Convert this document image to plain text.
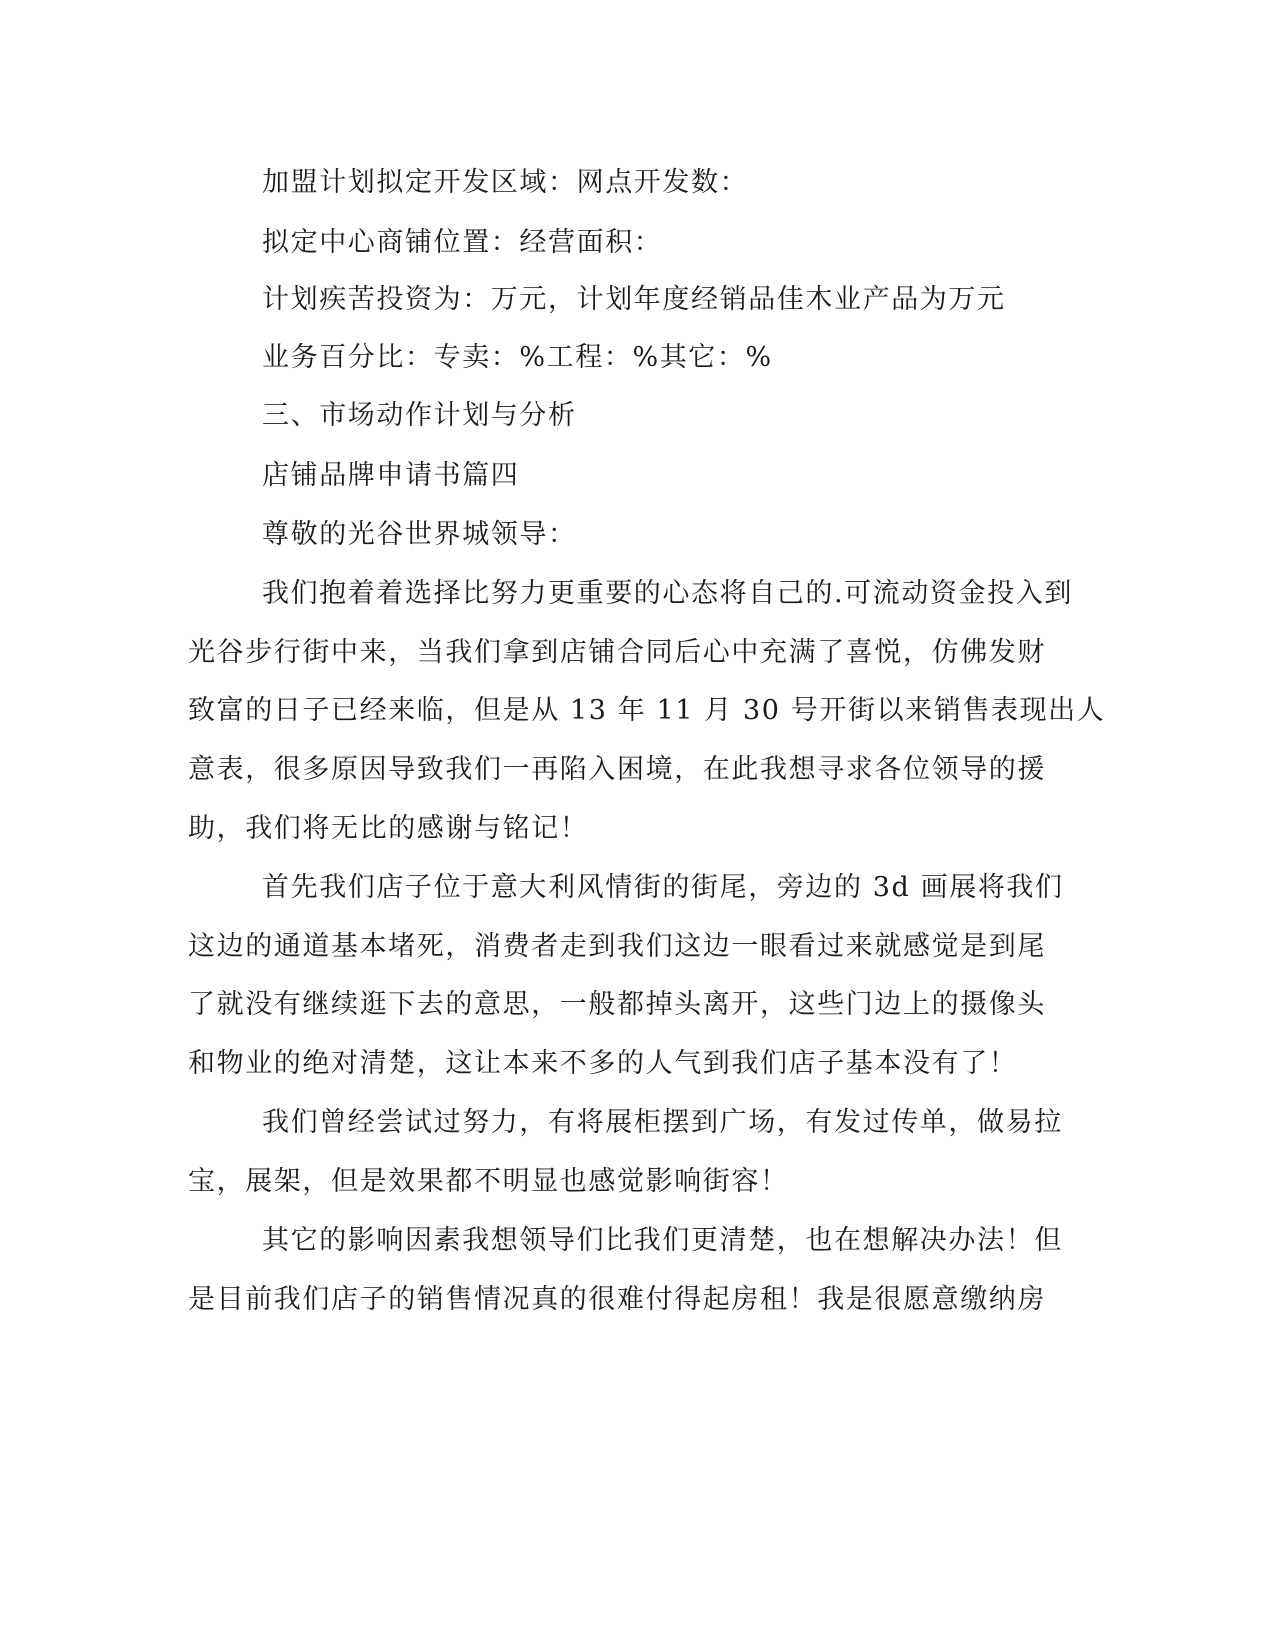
加盟计划拟定开发区域：网点开发数：
拟定中心商铺位置：经营面积：
计划疾苦投资为：万元，计划年度经销品佳木业产品为万元
业务百分比：专卖：%工程：%其它：%
三、市场动作计划与分析
店铺品牌申请书篇四
尊敬的光谷世界城领导：
我们抱着着选择比努力更重要的心态将自己的.可流动资金投入到
光谷步行街中来，当我们拿到店铺合同后心中充满了喜悦，仿佛发财
致富的日子已经来临，但是从 13 年 11 月 30 号开街以来销售表现出人
意表，很多原因导致我们一再陷入困境，在此我想寻求各位领导的援
助，我们将无比的感谢与铭记！
首先我们店子位于意大利风情街的街尾，旁边的 3d 画展将我们
这边的通道基本堵死，消费者走到我们这边一眼看过来就感觉是到尾
了就没有继续逛下去的意思，一般都掉头离开，这些门边上的摄像头
和物业的绝对清楚，这让本来不多的人气到我们店子基本没有了！
我们曾经尝试过努力，有将展柜摆到广场，有发过传单，做易拉
宝，展架，但是效果都不明显也感觉影响街容！
其它的影响因素我想领导们比我们更清楚，也在想解决办法！但
是目前我们店子的销售情况真的很难付得起房租！我是很愿意缴纳房
